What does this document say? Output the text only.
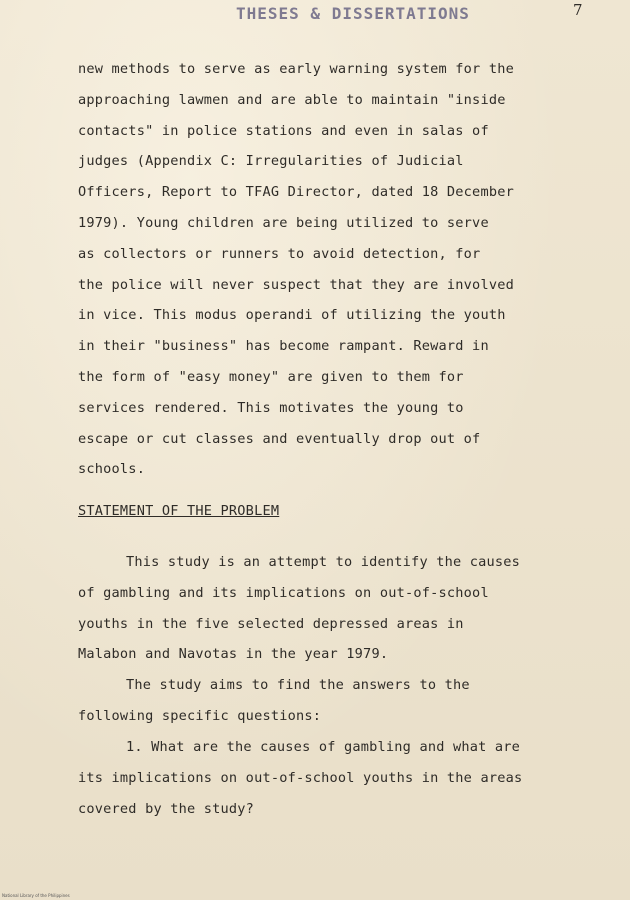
THESES & DISSERTATIONS	7
new methods to serve as early warning system for the
approaching lawmen and are able to maintain "inside
contacts" in police stations and even in salas of
judges (Appendix C: Irregularities of Judicial
Officers, Report to TFAG Director, dated 18 December
1979). Young children are being utilized to serve
as collectors or runners to avoid detection, for
the police will never suspect that they are involved
in vice. This modus operandi of utilizing the youth
in their "business" has become rampant. Reward in
the form of "easy money" are given to them for
services rendered. This motivates the young to
escape or cut classes and eventually drop out of
schools.
STATEMENT OF THE PROBLEM
This study is an attempt to identify the causes
of gambling and its implications on out-of-school
youths in the five selected depressed areas in
Malabon and Navotas in the year 1979.
The study aims to find the answers to the
following specific questions:
1. What are the causes of gambling and what are
its implications on out-of-school youths in the areas
covered by the study?
National Library of the Philippines
